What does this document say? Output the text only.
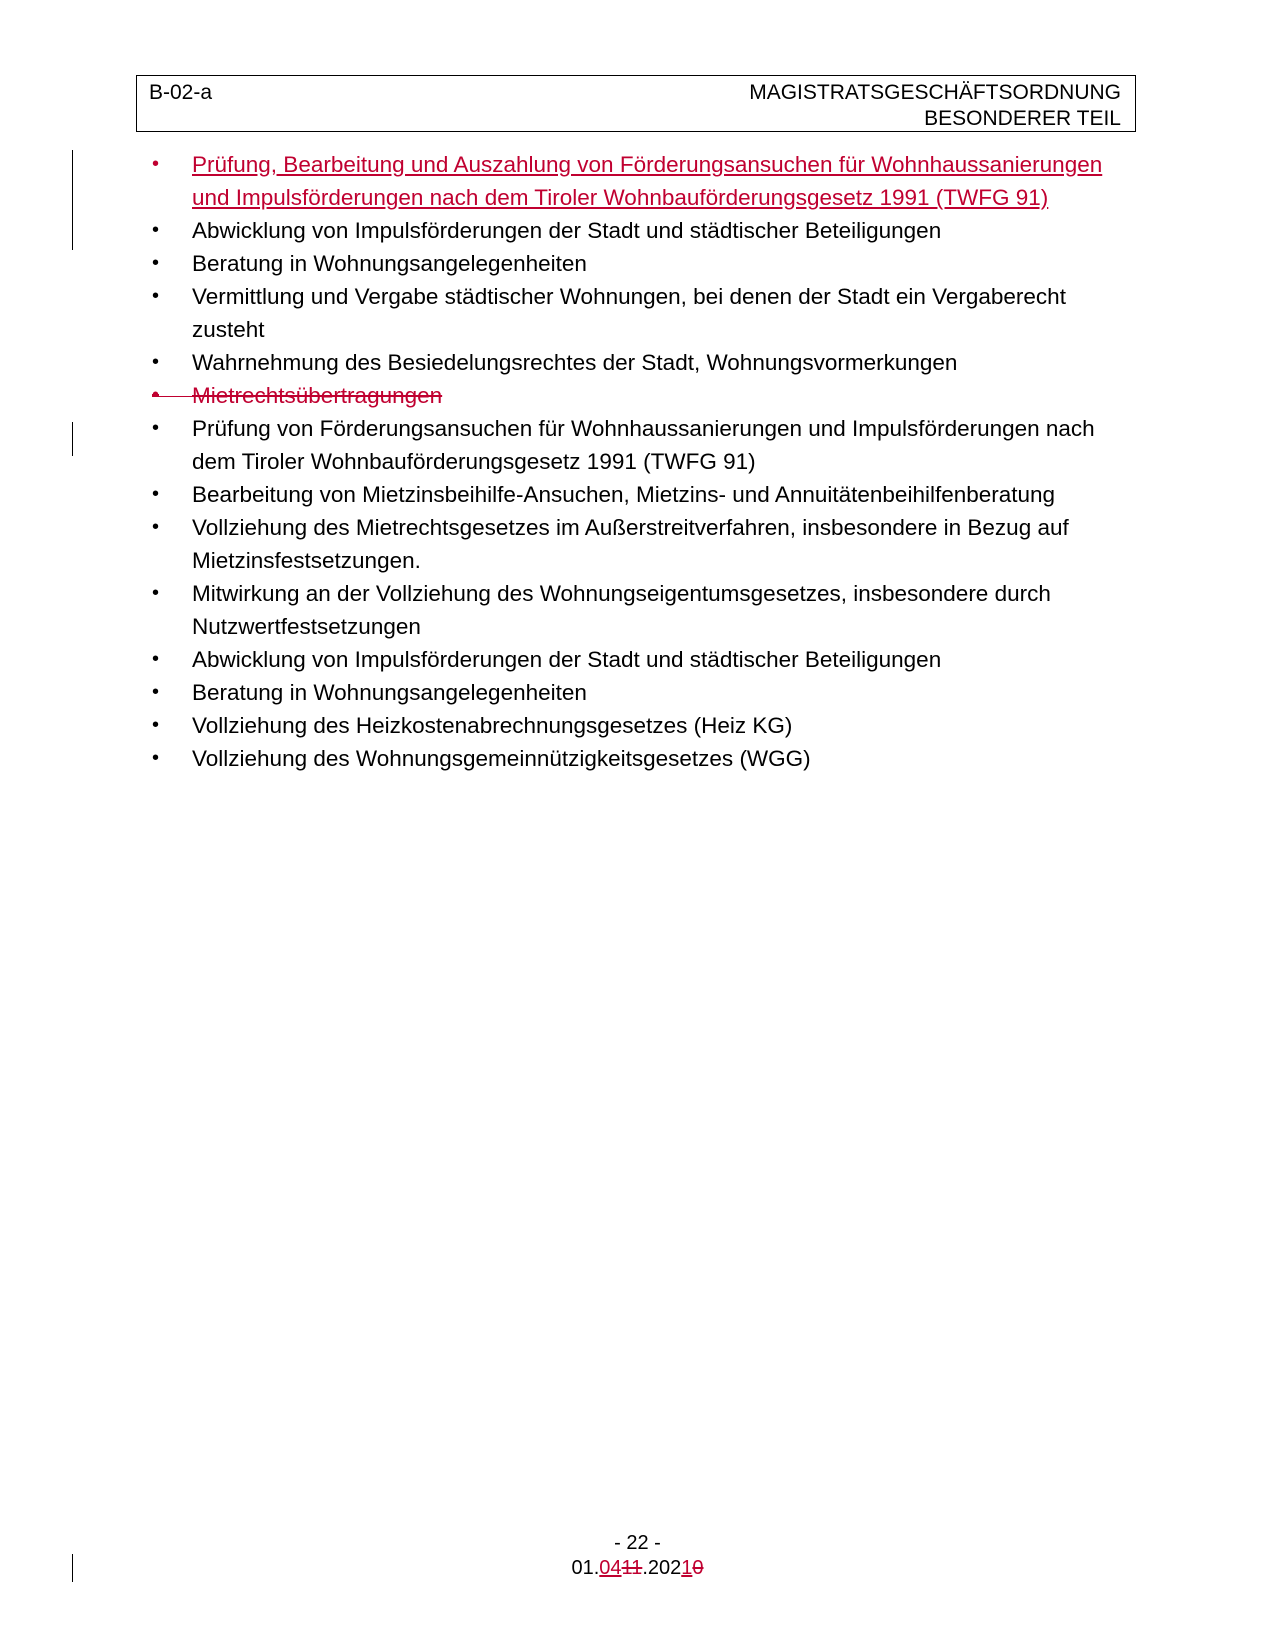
B-02-a	MAGISTRATSGESCHÄFTSORDNUNG
BESONDERER TEIL
•	Prüfung, Bearbeitung und Auszahlung von Förderungsansuchen für Wohnhaussanierungen und Impulsförderungen nach dem Tiroler Wohnbauförderungsgesetz 1991 (TWFG 91)
•	Abwicklung von Impulsförderungen der Stadt und städtischer Beteiligungen
•	Beratung in Wohnungsangelegenheiten
•	Vermittlung und Vergabe städtischer Wohnungen, bei denen der Stadt ein Vergaberecht zusteht
•	Wahrnehmung des Besiedelungsrechtes der Stadt, Wohnungsvormerkungen
•	Mietrechtsübertragungen
•	Prüfung von Förderungsansuchen für Wohnhaussanierungen und Impulsförderungen nach dem Tiroler Wohnbauförderungsgesetz 1991 (TWFG 91)
•	Bearbeitung von Mietzinsbeihilfe-Ansuchen, Mietzins- und Annuitätenbeihilfenberatung
•	Vollziehung des Mietrechtsgesetzes im Außerstreitverfahren, insbesondere in Bezug auf Mietzinsfestsetzungen.
•	Mitwirkung an der Vollziehung des Wohnungseigentumsgesetzes, insbesondere durch Nutzwertfestsetzungen
•	Abwicklung von Impulsförderungen der Stadt und städtischer Beteiligungen
•	Beratung in Wohnungsangelegenheiten
•	Vollziehung des Heizkostenabrechnungsgesetzes (Heiz KG)
•	Vollziehung des Wohnungsgemeinnützigkeitsgesetzes (WGG)
- 22 -
01.0411.20210
